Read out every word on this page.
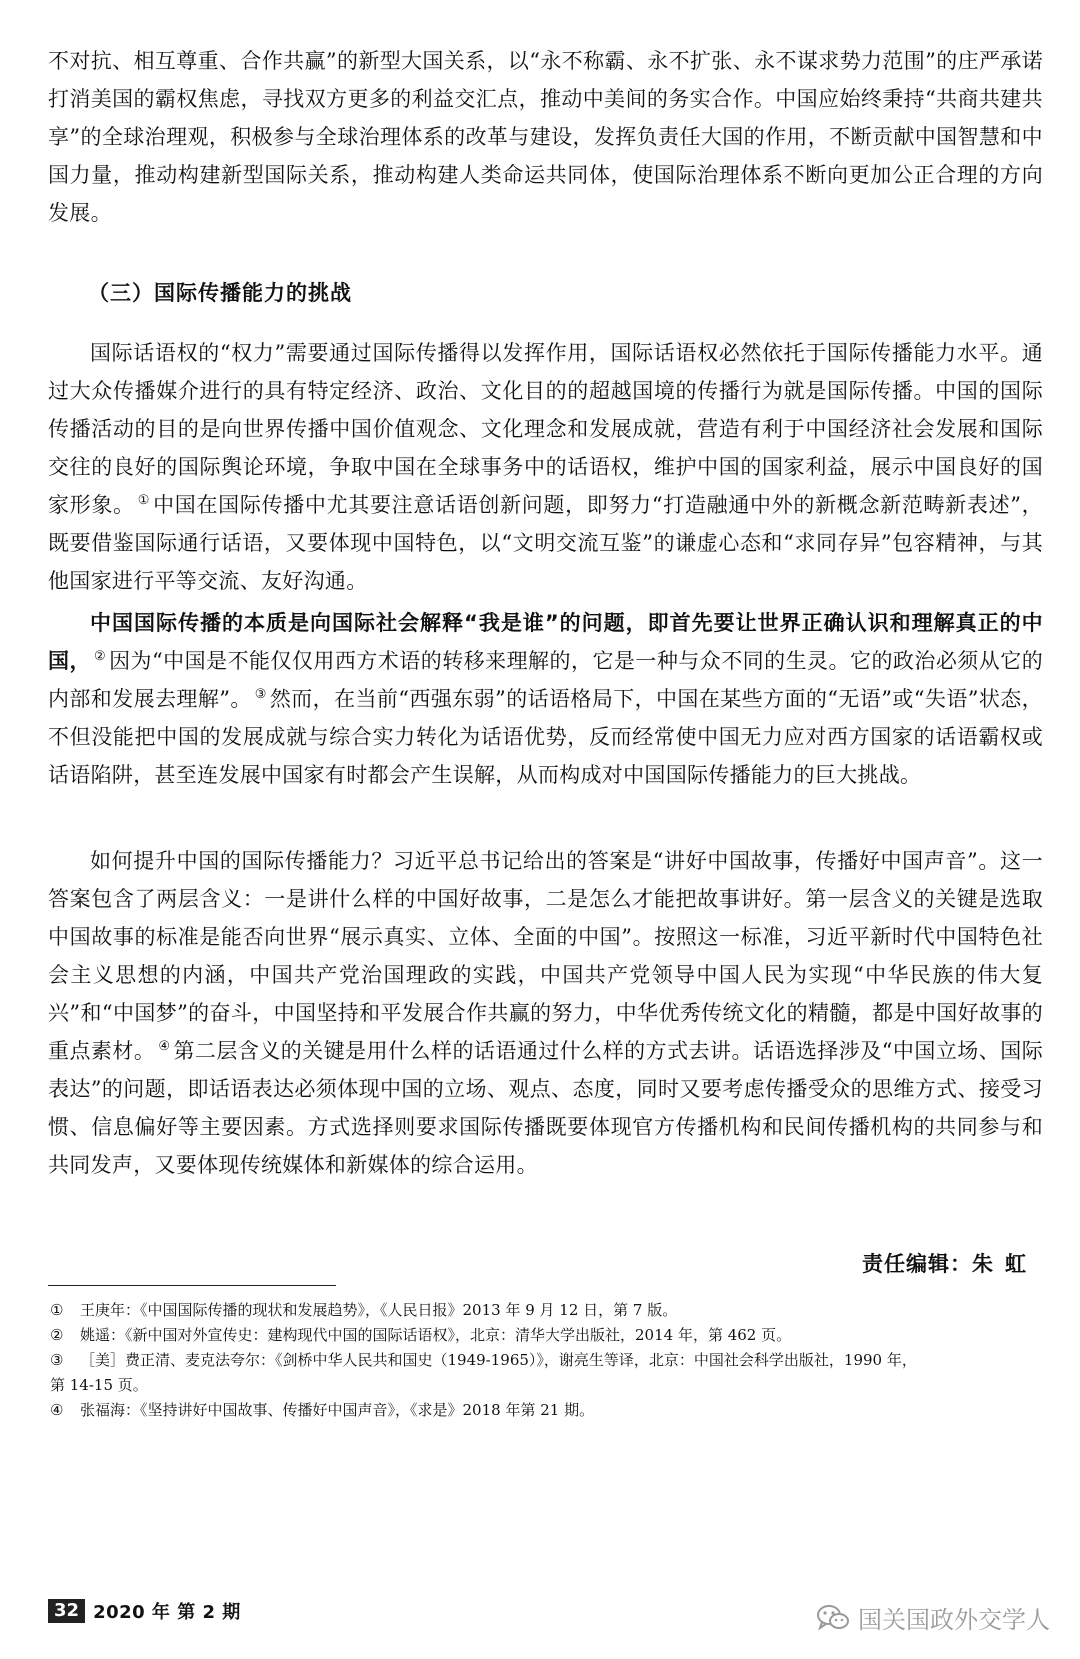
不对抗、相互尊重、合作共赢”的新型大国关系，以“永不称霸、永不扩张、永不谋求势力范围”的庄严承诺打消美国的霸权焦虑，寻找双方更多的利益交汇点，推动中美间的务实合作。中国应始终秉持“共商共建共享”的全球治理观，积极参与全球治理体系的改革与建设，发挥负责任大国的作用，不断贡献中国智慧和中国力量，推动构建新型国际关系，推动构建人类命运共同体，使国际治理体系不断向更加公正合理的方向发展。

（三）国际传播能力的挑战

国际话语权的“权力”需要通过国际传播得以发挥作用，国际话语权必然依托于国际传播能力水平。通过大众传播媒介进行的具有特定经济、政治、文化目的的超越国境的传播行为就是国际传播。中国的国际传播活动的目的是向世界传播中国价值观念、文化理念和发展成就，营造有利于中国经济社会发展和国际交往的良好的国际舆论环境，争取中国在全球事务中的话语权，维护中国的国家利益，展示中国良好的国家形象。 ① 中国在国际传播中尤其要注意话语创新问题，即努力“打造融通中外的新概念新范畴新表述”，既要借鉴国际通行话语，又要体现中国特色，以“文明交流互鉴”的谦虚心态和“求同存异”包容精神，与其他国家进行平等交流、友好沟通。

中国国际传播的本质是向国际社会解释“我是谁”的问题，即首先要让世界正确认识和理解真正的中国， ② 因为“中国是不能仅仅用西方术语的转移来理解的，它是一种与众不同的生灵。它的政治必须从它的内部和发展去理解”。 ③ 然而，在当前“西强东弱”的话语格局下，中国在某些方面的“无语”或“失语”状态，不但没能把中国的发展成就与综合实力转化为话语优势，反而经常使中国无力应对西方国家的话语霸权或话语陷阱，甚至连发展中国家有时都会产生误解，从而构成对中国国际传播能力的巨大挑战。

如何提升中国的国际传播能力？习近平总书记给出的答案是“讲好中国故事，传播好中国声音”。这一答案包含了两层含义：一是讲什么样的中国好故事，二是怎么才能把故事讲好。第一层含义的关键是选取中国故事的标准是能否向世界“展示真实、立体、全面的中国”。按照这一标准，习近平新时代中国特色社会主义思想的内涵，中国共产党治国理政的实践，中国共产党领导中国人民为实现“中华民族的伟大复兴”和“中国梦”的奋斗，中国坚持和平发展合作共赢的努力，中华优秀传统文化的精髓，都是中国好故事的重点素材。 ④ 第二层含义的关键是用什么样的话语通过什么样的方式去讲。话语选择涉及“中国立场、国际表达”的问题，即话语表达必须体现中国的立场、观点、态度，同时又要考虑传播受众的思维方式、接受习惯、信息偏好等主要因素。方式选择则要求国际传播既要体现官方传播机构和民间传播机构的共同参与和共同发声，又要体现传统媒体和新媒体的综合运用。

责任编辑：朱虹
① 王庚年：《中国国际传播的现状和发展趋势》，《人民日报》2013 年 9 月 12 日，第 7 版。
② 姚遥：《新中国对外宣传史：建构现代中国的国际话语权》，北京：清华大学出版社，2014 年，第 462 页。
③ ［美］费正清、麦克法夸尔：《剑桥中华人民共和国史（1949-1965）》，谢亮生等译，北京：中国社会科学出版社，1990 年，
第 14-15 页。
④ 张福海：《坚持讲好中国故事、传播好中国声音》，《求是》2018 年第 21 期。
32 2020 年 第 2 期	国关国政外交学人
